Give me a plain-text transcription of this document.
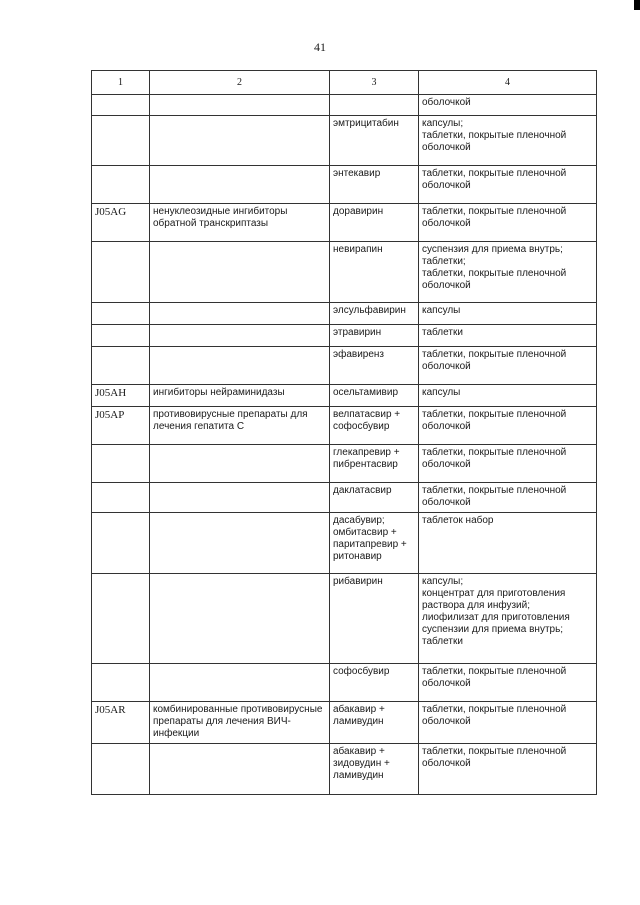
41
1	2	3	4
			оболочкой
		эмтрицитабин	капсулы;
таблетки, покрытые пленочной оболочкой
		энтекавир	таблетки, покрытые пленочной оболочкой
J05AG	ненуклеозидные ингибиторы обратной транскриптазы	доравирин	таблетки, покрытые пленочной оболочкой
		невирапин	суспензия для приема внутрь;
таблетки;
таблетки, покрытые пленочной оболочкой
		элсульфавирин	капсулы
		этравирин	таблетки
		эфавиренз	таблетки, покрытые пленочной оболочкой
J05AH	ингибиторы нейраминидазы	осельтамивир	капсулы
J05AP	противовирусные препараты для лечения гепатита С	велпатасвир + софосбувир	таблетки, покрытые пленочной оболочкой
		глекапревир + пибрентасвир	таблетки, покрытые пленочной оболочкой
		даклатасвир	таблетки, покрытые пленочной оболочкой
		дасабувир; омбитасвир + паритапревир + ритонавир	таблеток набор
		рибавирин	капсулы;
концентрат для приготовления раствора для инфузий;
лиофилизат для приготовления суспензии для приема внутрь;
таблетки
		софосбувир	таблетки, покрытые пленочной оболочкой
J05AR	комбинированные противовирусные препараты для лечения ВИЧ-инфекции	абакавир + ламивудин	таблетки, покрытые пленочной оболочкой
		абакавир + зидовудин + ламивудин	таблетки, покрытые пленочной оболочкой
